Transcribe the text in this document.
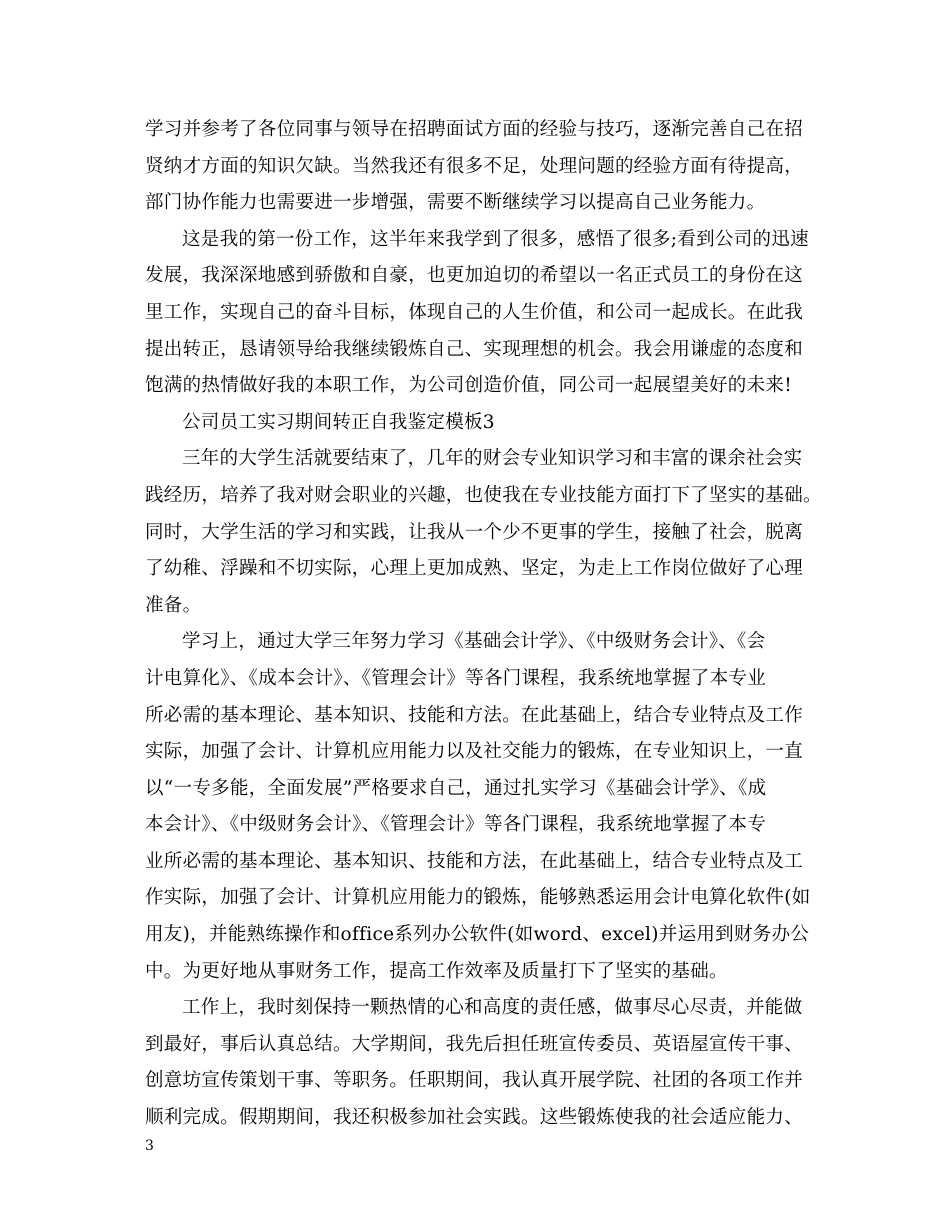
学习并参考了各位同事与领导在招聘面试方面的经验与技巧，逐渐完善自己在招
贤纳才方面的知识欠缺。当然我还有很多不足，处理问题的经验方面有待提高，
部门协作能力也需要进一步增强，需要不断继续学习以提高自己业务能力。
这是我的第一份工作，这半年来我学到了很多，感悟了很多;看到公司的迅速
发展，我深深地感到骄傲和自豪，也更加迫切的希望以一名正式员工的身份在这
里工作，实现自己的奋斗目标，体现自己的人生价值，和公司一起成长。在此我
提出转正，恳请领导给我继续锻炼自己、实现理想的机会。我会用谦虚的态度和
饱满的热情做好我的本职工作，为公司创造价值，同公司一起展望美好的未来!
公司员工实习期间转正自我鉴定模板3
三年的大学生活就要结束了，几年的财会专业知识学习和丰富的课余社会实
践经历，培养了我对财会职业的兴趣，也使我在专业技能方面打下了坚实的基础。
同时，大学生活的学习和实践，让我从一个少不更事的学生，接触了社会，脱离
了幼稚、浮躁和不切实际，心理上更加成熟、坚定，为走上工作岗位做好了心理
准备。
学习上，通过大学三年努力学习《基础会计学》、《中级财务会计》、《会
计电算化》、《成本会计》、《管理会计》等各门课程，我系统地掌握了本专业
所必需的基本理论、基本知识、技能和方法。在此基础上，结合专业特点及工作
实际，加强了会计、计算机应用能力以及社交能力的锻炼，在专业知识上，一直
以“一专多能，全面发展”严格要求自己，通过扎实学习《基础会计学》、《成
本会计》、《中级财务会计》、《管理会计》等各门课程，我系统地掌握了本专
业所必需的基本理论、基本知识、技能和方法，在此基础上，结合专业特点及工
作实际，加强了会计、计算机应用能力的锻炼，能够熟悉运用会计电算化软件(如
用友)，并能熟练操作和office系列办公软件(如word、excel)并运用到财务办公
中。为更好地从事财务工作，提高工作效率及质量打下了坚实的基础。
工作上，我时刻保持一颗热情的心和高度的责任感，做事尽心尽责，并能做
到最好，事后认真总结。大学期间，我先后担任班宣传委员、英语屋宣传干事、
创意坊宣传策划干事、等职务。任职期间，我认真开展学院、社团的各项工作并
顺利完成。假期期间，我还积极参加社会实践。这些锻炼使我的社会适应能力、
3
